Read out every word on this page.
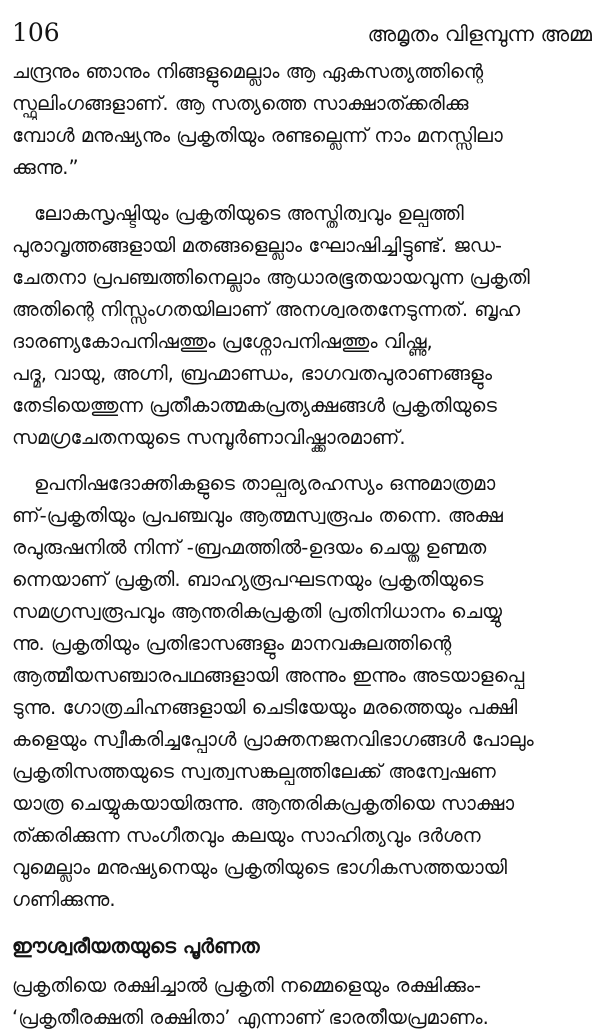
106	അമൃതം വിളമ്പുന്ന അമ്മ

ചന്ദ്രനും ഞാനും നിങ്ങളുമെല്ലാം ആ ഏകസത്യത്തിന്റെ
സ്ഫുലിംഗങ്ങളാണ്. ആ സത്യത്തെ സാക്ഷാത്ക്കരിക്കു
മ്പോൾ മനുഷ്യനും പ്രകൃതിയും രണ്ടല്ലെന്ന് നാം മനസ്സിലാ
ക്കുന്നു.”

ലോകസൃഷ്ടിയും പ്രകൃതിയുടെ അസ്തിത്വവും ഉല്പത്തി
പുരാവൃത്തങ്ങളായി മതങ്ങളെല്ലാം ഘോഷിച്ചിട്ടുണ്ട്. ജഡ-
ചേതനാ പ്രപഞ്ചത്തിനെല്ലാം ആധാരഭൂതയായവുന്ന പ്രകൃതി
അതിന്റെ നിസ്സംഗതയിലാണ് അനശ്വരതനേടുന്നത്. ബൃഹ
ദാരണ്യകോപനിഷത്തും പ്രശ്നോപനിഷത്തും വിഷ്ണു,
പദ്മ, വായു, അഗ്നി, ബ്രഹ്മാണ്ഡം, ഭാഗവതപുരാണങ്ങളും
തേടിയെത്തുന്ന പ്രതീകാത്മകപ്രത്യക്ഷങ്ങൾ പ്രകൃതിയുടെ
സമഗ്രചേതനയുടെ സമ്പൂർണാവിഷ്ക്കാരമാണ്.

ഉപനിഷദോക്തികളുടെ താല്പര്യരഹസ്യം ഒന്നുമാത്രമാ
ണ്-പ്രകൃതിയും പ്രപഞ്ചവും ആത്മസ്വരൂപം തന്നെ. അക്ഷ
രപുരുഷനിൽ നിന്ന് -ബ്രഹ്മത്തിൽ-ഉദയം ചെയ്ത ഉണ്മത
ന്നെയാണ് പ്രകൃതി. ബാഹ്യരൂപഘടനയും പ്രകൃതിയുടെ
സമഗ്രസ്വരൂപവും ആന്തരികപ്രകൃതി പ്രതിനിധാനം ചെയ്യു
ന്നു. പ്രകൃതിയും പ്രതിഭാസങ്ങളും മാനവകുലത്തിന്റെ
ആത്മീയസഞ്ചാരപഥങ്ങളായി അന്നും ഇന്നും അടയാളപ്പെ
ടുന്നു. ഗോത്രചിഹ്നങ്ങളായി ചെടിയേയും മരത്തെയും പക്ഷി
കളെയും സ്വീകരിച്ചപ്പോൾ പ്രാക്തനജനവിഭാഗങ്ങൾ പോലും
പ്രകൃതിസത്തയുടെ സ്വത്വസങ്കല്പത്തിലേക്ക് അന്വേഷണ
യാത്ര ചെയ്യുകയായിരുന്നു. ആന്തരികപ്രകൃതിയെ സാക്ഷാ
ത്ക്കരിക്കുന്ന സംഗീതവും കലയും സാഹിത്യവും ദർശന
വുമെല്ലാം മനുഷ്യനെയും പ്രകൃതിയുടെ ഭാഗികസത്തയായി
ഗണിക്കുന്നു.

ഈശ്വരീയതയുടെ പൂർണത

പ്രകൃതിയെ രക്ഷിച്ചാൽ പ്രകൃതി നമ്മെളെയും രക്ഷിക്കും-
‘പ്രകൃതീരക്ഷതി രക്ഷിതാ’ എന്നാണ് ഭാരതീയപ്രമാണം.
